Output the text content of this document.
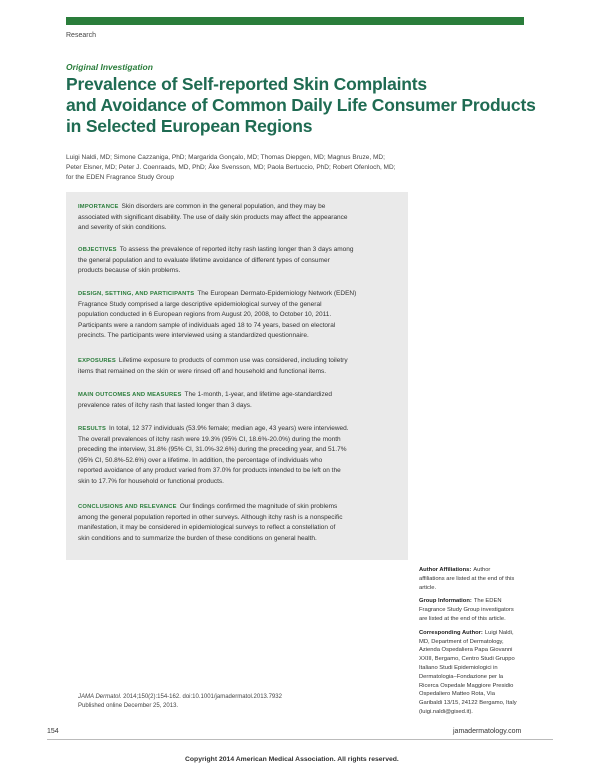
Research
Original Investigation
Prevalence of Self-reported Skin Complaints
and Avoidance of Common Daily Life Consumer Products
in Selected European Regions
Luigi Naldi, MD; Simone Cazzaniga, PhD; Margarida Gonçalo, MD; Thomas Diepgen, MD; Magnus Bruze, MD;
Peter Elsner, MD; Peter J. Coenraads, MD, PhD; Åke Svensson, MD; Paola Bertuccio, PhD; Robert Ofenloch, MD;
for the EDEN Fragrance Study Group
IMPORTANCE Skin disorders are common in the general population, and they may be
associated with significant disability. The use of daily skin products may affect the appearance
and severity of skin conditions.
OBJECTIVES To assess the prevalence of reported itchy rash lasting longer than 3 days among
the general population and to evaluate lifetime avoidance of different types of consumer
products because of skin problems.
DESIGN, SETTING, AND PARTICIPANTS The European Dermato-Epidemiology Network (EDEN)
Fragrance Study comprised a large descriptive epidemiological survey of the general
population conducted in 6 European regions from August 20, 2008, to October 10, 2011.
Participants were a random sample of individuals aged 18 to 74 years, based on electoral
precincts. The participants were interviewed using a standardized questionnaire.
EXPOSURES Lifetime exposure to products of common use was considered, including toiletry
items that remained on the skin or were rinsed off and household and functional items.
MAIN OUTCOMES AND MEASURES The 1-month, 1-year, and lifetime age-standardized
prevalence rates of itchy rash that lasted longer than 3 days.
RESULTS In total, 12 377 individuals (53.9% female; median age, 43 years) were interviewed.
The overall prevalences of itchy rash were 19.3% (95% CI, 18.6%-20.0%) during the month
preceding the interview, 31.8% (95% CI, 31.0%-32.6%) during the preceding year, and 51.7%
(95% CI, 50.8%-52.6%) over a lifetime. In addition, the percentage of individuals who
reported avoidance of any product varied from 37.0% for products intended to be left on the
skin to 17.7% for household or functional products.
CONCLUSIONS AND RELEVANCE Our findings confirmed the magnitude of skin problems
among the general population reported in other surveys. Although itchy rash is a nonspecific
manifestation, it may be considered in epidemiological surveys to reflect a constellation of
skin conditions and to summarize the burden of these conditions on general health.
Author Affiliations: Author
affiliations are listed at the end of this
article.
Group Information: The EDEN
Fragrance Study Group investigators
are listed at the end of this article.
Corresponding Author: Luigi Naldi,
MD, Department of Dermatology,
Azienda Ospedaliera Papa Giovanni
XXIII, Bergamo, Centro Studi Gruppo
Italiano Studi Epidemiologici in
Dermatologia–Fondazione per la
Ricerca Ospedale Maggiore Presidio
Ospedaliero Matteo Rota, Via
Garibaldi 13/15, 24122 Bergamo, Italy
(luigi.naldi@gised.it).
JAMA Dermatol. 2014;150(2):154-162. doi:10.1001/jamadermatol.2013.7932
Published online December 25, 2013.
154	jamadermatology.com
Copyright 2014 American Medical Association. All rights reserved.
